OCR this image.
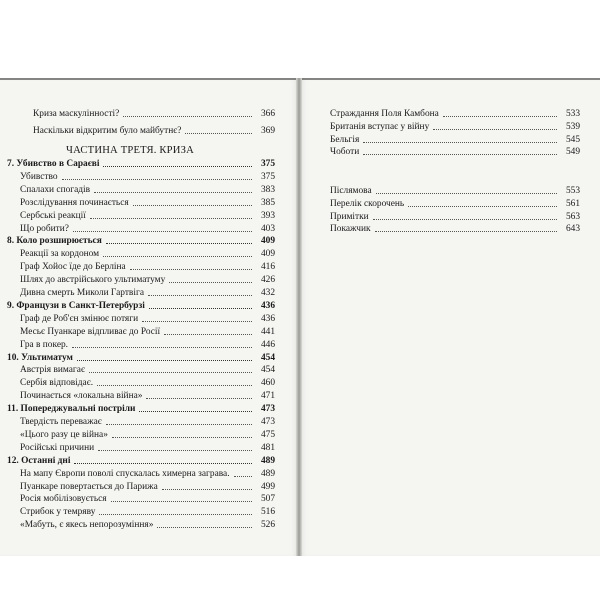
Криза маскулінності?	366
Наскільки відкритим було майбутнє?	369
ЧАСТИНА ТРЕТЯ. КРИЗА
7. Убивство в Сараєві	375
Убивство	375
Спалахи спогадів	383
Розслідування починається	385
Сербські реакції	393
Що робити?	403
8. Коло розширюється	409
Реакції за кордоном	409
Граф Хойос їде до Берліна	416
Шлях до австрійського ультиматуму	426
Дивна смерть Миколи Гартвіга	432
9. Французи в Санкт-Петербурзі	436
Граф де Роб'єн змінює потяги	436
Месьє Пуанкаре відпливає до Росії	441
Гра в покер.	446
10. Ультиматум	454
Австрія вимагає	454
Сербія відповідає.	460
Починається «локальна війна»	471
11. Попереджувальні постріли	473
Твердість переважає	473
«Цього разу це війна»	475
Російські причини	481
12. Останні дні	489
На мапу Європи поволі спускалась химерна заграва.	489
Пуанкаре повертається до Парижа	499
Росія мобілізовується	507
Стрибок у темряву	516
«Мабуть, є якесь непорозуміння»	526
Страждання Поля Камбона	533
Британія вступає у війну	539
Бельгія	545
Чоботи	549
Післямова	553
Перелік скорочень	561
Примітки	563
Покажчик	643
